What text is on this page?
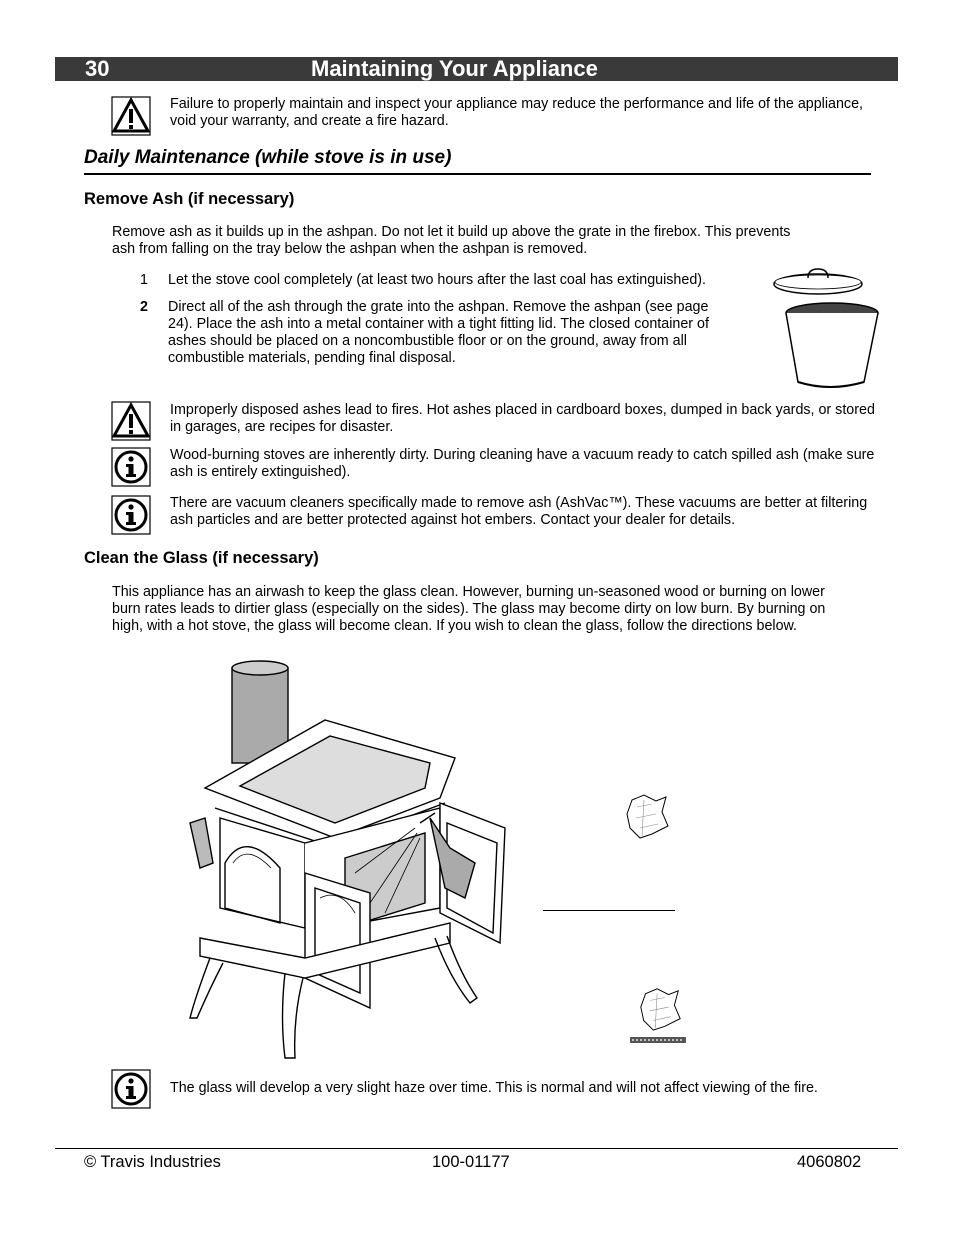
30	Maintaining Your Appliance
Failure to properly maintain and inspect your appliance may reduce the performance and life of the appliance, void your warranty, and create a fire hazard.
Daily Maintenance (while stove is in use)
Remove Ash (if necessary)
Remove ash as it builds up in the ashpan. Do not let it build up above the grate in the firebox. This prevents ash from falling on the tray below the ashpan when the ashpan is removed.
1 Let the stove cool completely (at least two hours after the last coal has extinguished).
2 Direct all of the ash through the grate into the ashpan. Remove the ashpan (see page 24). Place the ash into a metal container with a tight fitting lid. The closed container of ashes should be placed on a noncombustible floor or on the ground, away from all combustible materials, pending final disposal.
Improperly disposed ashes lead to fires. Hot ashes placed in cardboard boxes, dumped in back yards, or stored in garages, are recipes for disaster.
Wood-burning stoves are inherently dirty. During cleaning have a vacuum ready to catch spilled ash (make sure ash is entirely extinguished).
There are vacuum cleaners specifically made to remove ash (AshVac™). These vacuums are better at filtering ash particles and are better protected against hot embers. Contact your dealer for details.
Clean the Glass (if necessary)
This appliance has an airwash to keep the glass clean. However, burning un-seasoned wood or burning on lower burn rates leads to dirtier glass (especially on the sides). The glass may become dirty on low burn. By burning on high, with a hot stove, the glass will become clean. If you wish to clean the glass, follow the directions below.
The glass will develop a very slight haze over time. This is normal and will not affect viewing of the fire.
© Travis Industries	100-01177	4060802
